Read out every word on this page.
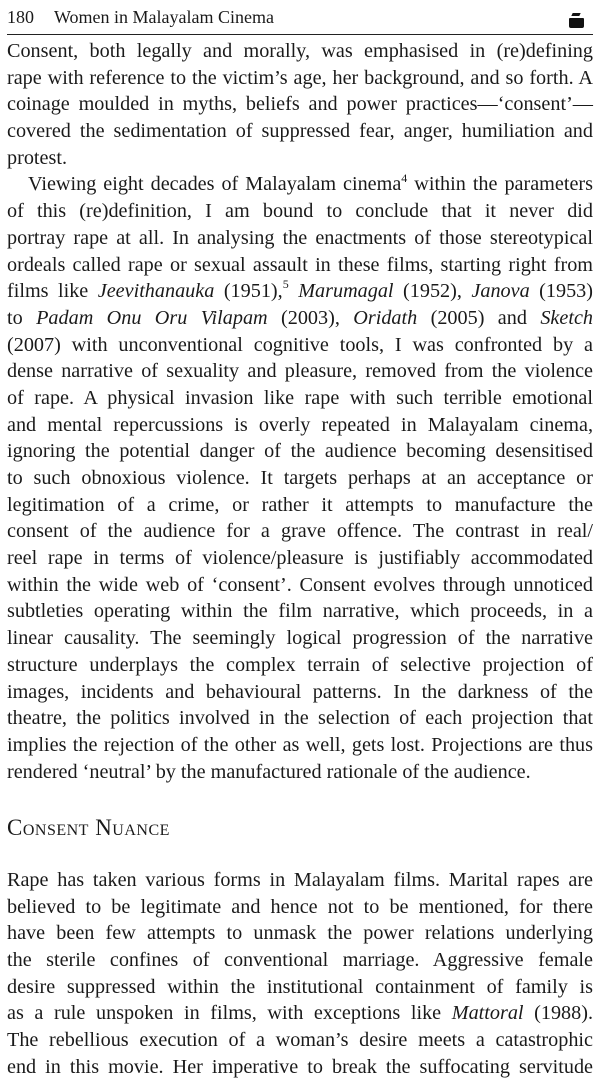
180 Women in Malayalam Cinema
Consent, both legally and morally, was emphasised in (re)defining
rape with reference to the victim’s age, her background, and so forth. A
coinage moulded in myths, beliefs and power practices—‘consent’—
covered the sedimentation of suppressed fear, anger, humiliation and
protest.
Viewing eight decades of Malayalam cinema$^4$ within the parameters
of this (re)definition, I am bound to conclude that it never did
portray rape at all. In analysing the enactments of those stereotypical
ordeals called rape or sexual assault in these films, starting right from
films like Jeevithanauka (1951),$^5$ Marumagal (1952), Janova (1953)
to Padam Onu Oru Vilapam (2003), Oridath (2005) and Sketch
(2007) with unconventional cognitive tools, I was confronted by a
dense narrative of sexuality and pleasure, removed from the violence
of rape. A physical invasion like rape with such terrible emotional
and mental repercussions is overly repeated in Malayalam cinema,
ignoring the potential danger of the audience becoming desensitised
to such obnoxious violence. It targets perhaps at an acceptance or
legitimation of a crime, or rather it attempts to manufacture the
consent of the audience for a grave offence. The contrast in real/
reel rape in terms of violence/pleasure is justifiably accommodated
within the wide web of ‘consent’. Consent evolves through unnoticed
subtleties operating within the film narrative, which proceeds, in a
linear causality. The seemingly logical progression of the narrative
structure underplays the complex terrain of selective projection of
images, incidents and behavioural patterns. In the darkness of the
theatre, the politics involved in the selection of each projection that
implies the rejection of the other as well, gets lost. Projections are thus
rendered ‘neutral’ by the manufactured rationale of the audience.
Consent Nuance
Rape has taken various forms in Malayalam films. Marital rapes are
believed to be legitimate and hence not to be mentioned, for there
have been few attempts to unmask the power relations underlying
the sterile confines of conventional marriage. Aggressive female
desire suppressed within the institutional containment of family is
as a rule unspoken in films, with exceptions like Mattoral (1988).
The rebellious execution of a woman’s desire meets a catastrophic
end in this movie. Her imperative to break the suffocating servitude
